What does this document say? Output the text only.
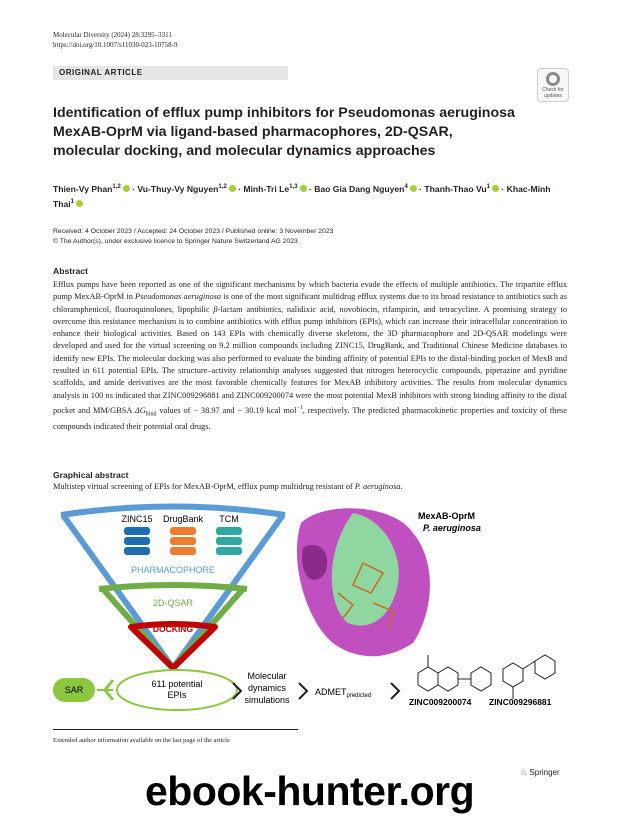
Molecular Diversity (2024) 28:3295–3311
https://doi.org/10.1007/s11030-023-10758-9
ORIGINAL ARTICLE
Check for updates
Identification of efflux pump inhibitors for Pseudomonas aeruginosa MexAB-OprM via ligand-based pharmacophores, 2D-QSAR, molecular docking, and molecular dynamics approaches
Thien-Vy Phan$^{1,2}$ · Vu-Thuy-Vy Nguyen$^{1,2}$ · Minh-Tri Le$^{1,3}$ · Bao Gia Dang Nguyen$^4$ · Thanh-Thao $Vu^1$ · Khac-Minh Thai$^1$
Received: 4 October 2023 / Accepted: 24 October 2023 / Published online: 3 November 2023
© The Author(s), under exclusive licence to Springer Nature Switzerland AG 2023
Abstract
Efflux pumps have been reported as one of the significant mechanisms by which bacteria evade the effects of multiple antibiotics. The tripartite efflux pump MexAB-OprM in Pseudomonas aeruginosa is one of the most significant multidrug efflux systems due to its broad resistance to antibiotics such as chloramphenicol, fluoroquinolones, lipophilic β-lactam antibiotics, nalidixic acid, novobiocin, rifampicin, and tetracycline. A promising strategy to overcome this resistance mechanism is to combine antibiotics with efflux pump inhibitors (EPIs), which can increase their intracellular concentration to enhance their biological activities. Based on 143 EPIs with chemically diverse skeletons, the 3D pharmacophore and 2D-QSAR modelings were developed and used for the virtual screening on 9.2 million compounds including ZINC15, DrugBank, and Traditional Chinese Medicine databases to identify new EPIs. The molecular docking was also performed to evaluate the binding affinity of potential EPIs to the distal-binding pocket of MexB and resulted in 611 potential EPIs. The structure–activity relationship analyses suggested that nitrogen heterocyclic compounds, piperazine and pyridine scaffolds, and amide derivatives are the most favorable chemically features for MexAB inhibitory activities. The results from molecular dynamics analysis in 100 ns indicated that ZINC009296881 and ZINC009200074 were the most potential MexB inhibitors with strong binding affinity to the distal pocket and MM/GBSA $\Delta G_{bind}$ values of − 38.97 and − 30.19 kcal mol$^{-1}$, respectively. The predicted pharmacokinetic properties and toxicity of these compounds indicated their potential oral drugs.
Graphical abstract
Multistep virtual screening of EPIs for MexAB-OprM, efflux pump multidrug resistant of P. aeruginosa.
ZINC15 DrugBank TCM
PHARMACOPHORE
2D-QSAR
DOCKING
SAR
611 potential
EPIs
Molecular
dynamics
simulations
$ADMET_{predicted}$
MexAB-OprM
P. aeruginosa
ZINC009200074 ZINC009296881
Extended author information available on the last page of the article
♘ Springer
ebook-hunter.org
